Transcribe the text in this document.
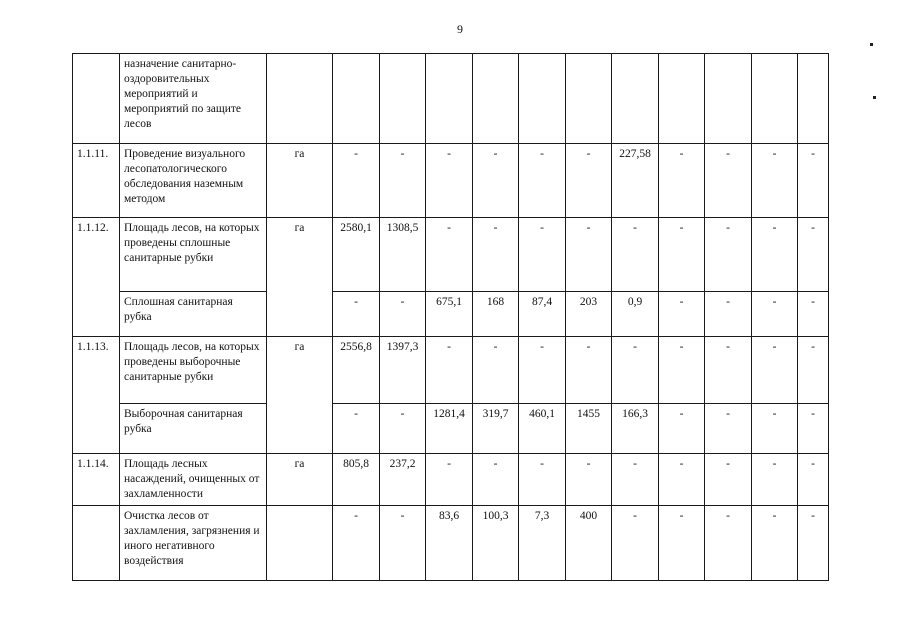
9
	назначение санитарно-оздоровительных мероприятий и мероприятий по защите лесов												
1.1.11.	Проведение визуального лесопатологического обследования наземным методом	га	-	-	-	-	-	-	227,58	-	-	-	-
1.1.12.	Площадь лесов, на которых проведены сплошные санитарные рубки	га	2580,1	1308,5	-	-	-	-	-	-	-	-	-
	Сплошная санитарная рубка		-	-	675,1	168	87,4	203	0,9	-	-	-	-
1.1.13.	Площадь лесов, на которых проведены выборочные санитарные рубки	га	2556,8	1397,3	-	-	-	-	-	-	-	-	-
	Выборочная санитарная рубка		-	-	1281,4	319,7	460,1	1455	166,3	-	-	-	-
1.1.14.	Площадь лесных насаждений, очищенных от захламленности	га	805,8	237,2	-	-	-	-	-	-	-	-	-
	Очистка лесов от захламления, загрязнения и иного негативного воздействия		-	-	83,6	100,3	7,3	400	-	-	-	-	-
